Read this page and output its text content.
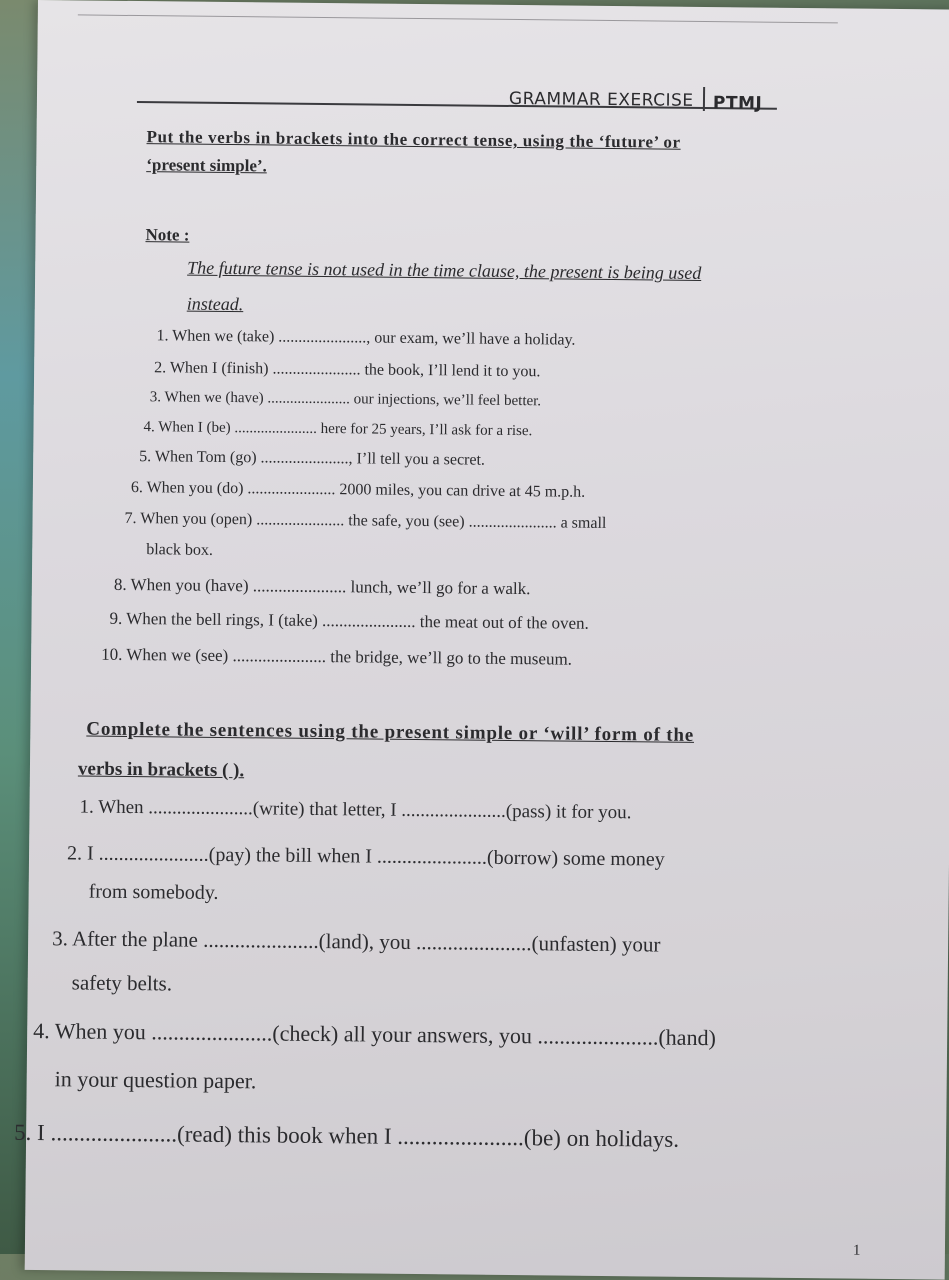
GRAMMAR EXERCISE PTMJ
Put the verbs in brackets into the correct tense, using the ‘future’ or
‘present simple’.
Note :
The future tense is not used in the time clause, the present is being used
instead.
1. When we (take) ......................, our exam, we’ll have a holiday.
2. When I (finish) ...................... the book, I’ll lend it to you.
3. When we (have) ...................... our injections, we’ll feel better.
4. When I (be) ...................... here for 25 years, I’ll ask for a rise.
5. When Tom (go) ......................, I’ll tell you a secret.
6. When you (do) ...................... 2000 miles, you can drive at 45 m.p.h.
7. When you (open) ...................... the safe, you (see) ...................... a small
black box.
8. When you (have) ...................... lunch, we’ll go for a walk.
9. When the bell rings, I (take) ...................... the meat out of the oven.
10. When we (see) ...................... the bridge, we’ll go to the museum.
Complete the sentences using the present simple or ‘will’ form of the
verbs in brackets ( ).
1. When ......................(write) that letter, I ......................(pass) it for you.
2. I ......................(pay) the bill when I ......................(borrow) some money
from somebody.
3. After the plane ......................(land), you ......................(unfasten) your
safety belts.
4. When you ......................(check) all your answers, you ......................(hand)
in your question paper.
5. I ......................(read) this book when I ......................(be) on holidays.
1
